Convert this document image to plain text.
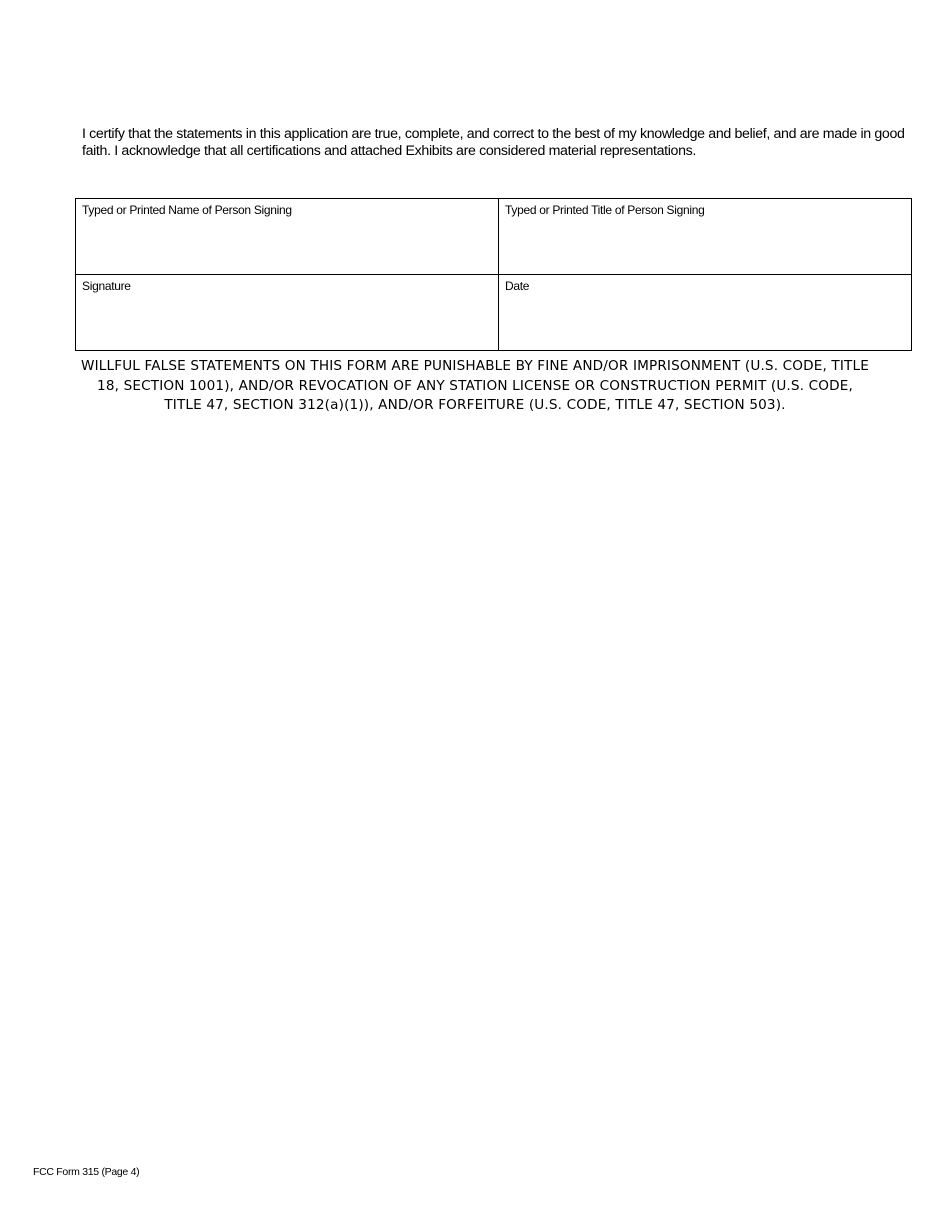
I certify that the statements in this application are true, complete, and correct to the best of my knowledge and belief, and are made in good faith. I acknowledge that all certifications and attached Exhibits are considered material representations.

Typed or Printed Name of Person Signing	Typed or Printed Title of Person Signing

Signature	Date

WILLFUL FALSE STATEMENTS ON THIS FORM ARE PUNISHABLE BY FINE AND/OR IMPRISONMENT (U.S. CODE, TITLE 18, SECTION 1001), AND/OR REVOCATION OF ANY STATION LICENSE OR CONSTRUCTION PERMIT (U.S. CODE, TITLE 47, SECTION 312(a)(1)), AND/OR FORFEITURE (U.S. CODE, TITLE 47, SECTION 503).

FCC Form 315 (Page 4)
